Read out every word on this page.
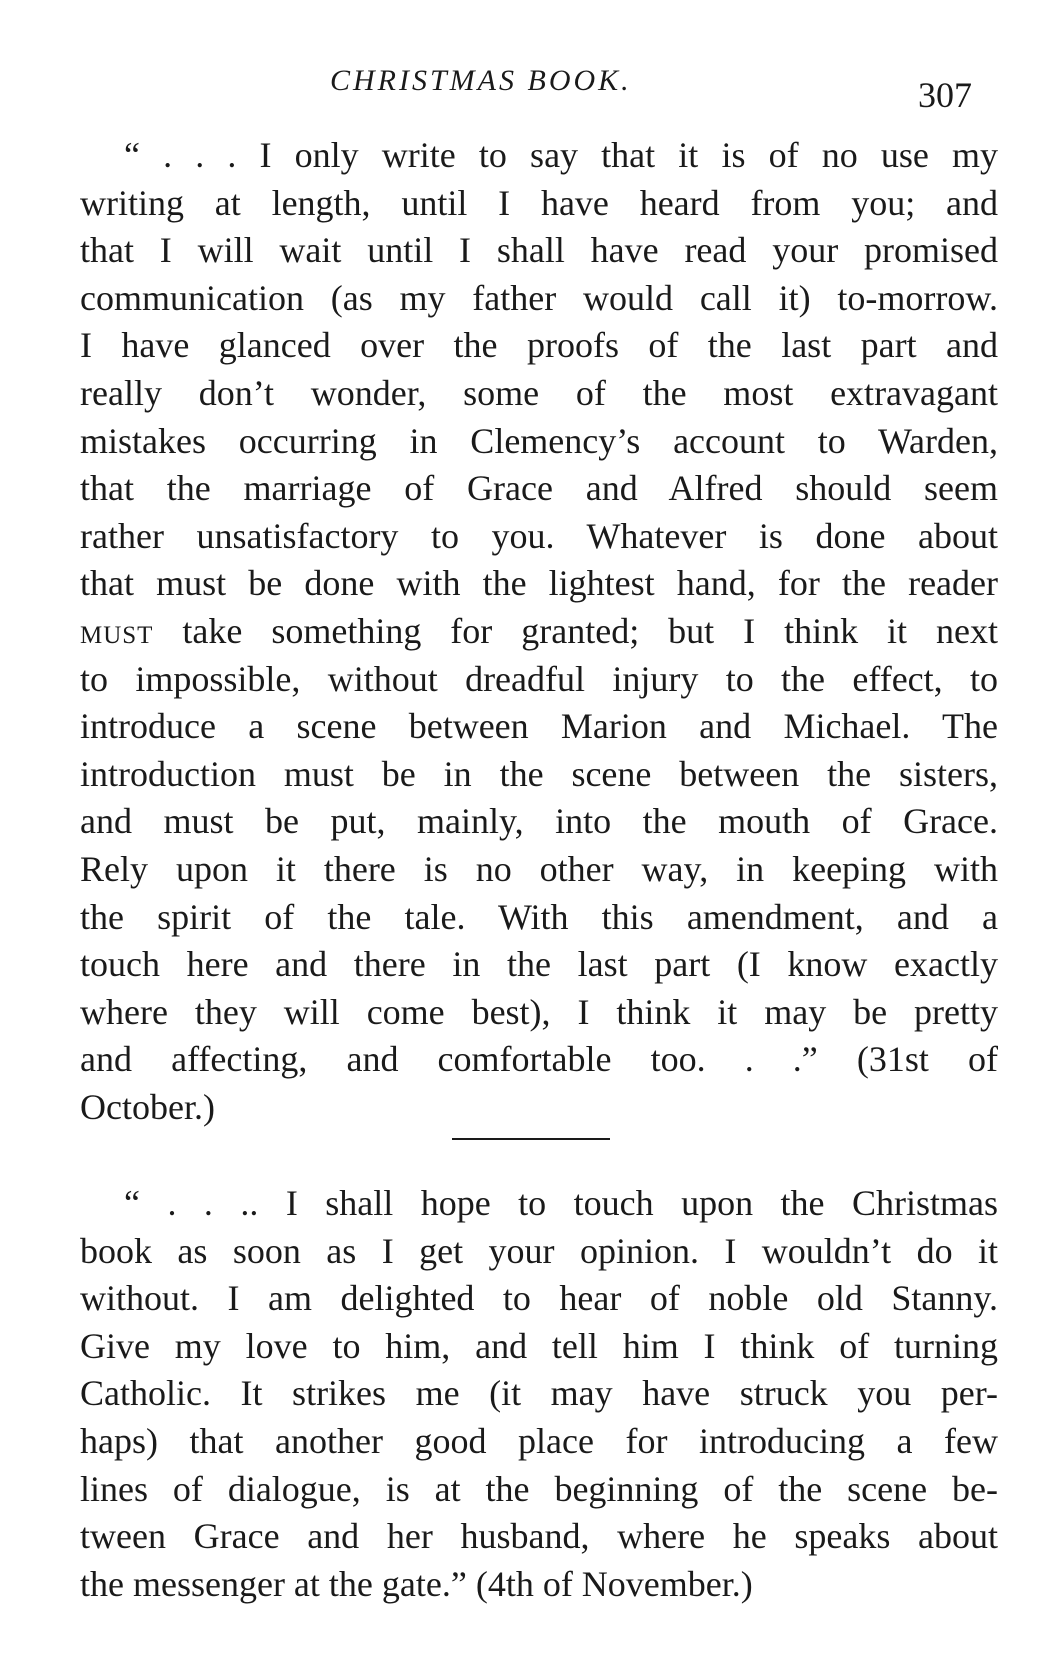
CHRISTMAS BOOK.	307
“ . . . I only write to say that it is of no use my
writing at length, until I have heard from you; and
that I will wait until I shall have read your promised
communication (as my father would call it) to-morrow.
I have glanced over the proofs of the last part and
really don’t wonder, some of the most extravagant
mistakes occurring in Clemency’s account to Warden,
that the marriage of Grace and Alfred should seem
rather unsatisfactory to you. Whatever is done about
that must be done with the lightest hand, for the reader
must take something for granted; but I think it next
to impossible, without dreadful injury to the effect, to
introduce a scene between Marion and Michael. The
introduction must be in the scene between the sisters,
and must be put, mainly, into the mouth of Grace.
Rely upon it there is no other way, in keeping with
the spirit of the tale. With this amendment, and a
touch here and there in the last part (I know exactly
where they will come best), I think it may be pretty
and affecting, and comfortable too. . .” (31st of
October.)
“ . . .. I shall hope to touch upon the Christmas
book as soon as I get your opinion. I wouldn’t do it
without. I am delighted to hear of noble old Stanny.
Give my love to him, and tell him I think of turning
Catholic. It strikes me (it may have struck you per-
haps) that another good place for introducing a few
lines of dialogue, is at the beginning of the scene be-
tween Grace and her husband, where he speaks about
the messenger at the gate.” (4th of November.)
